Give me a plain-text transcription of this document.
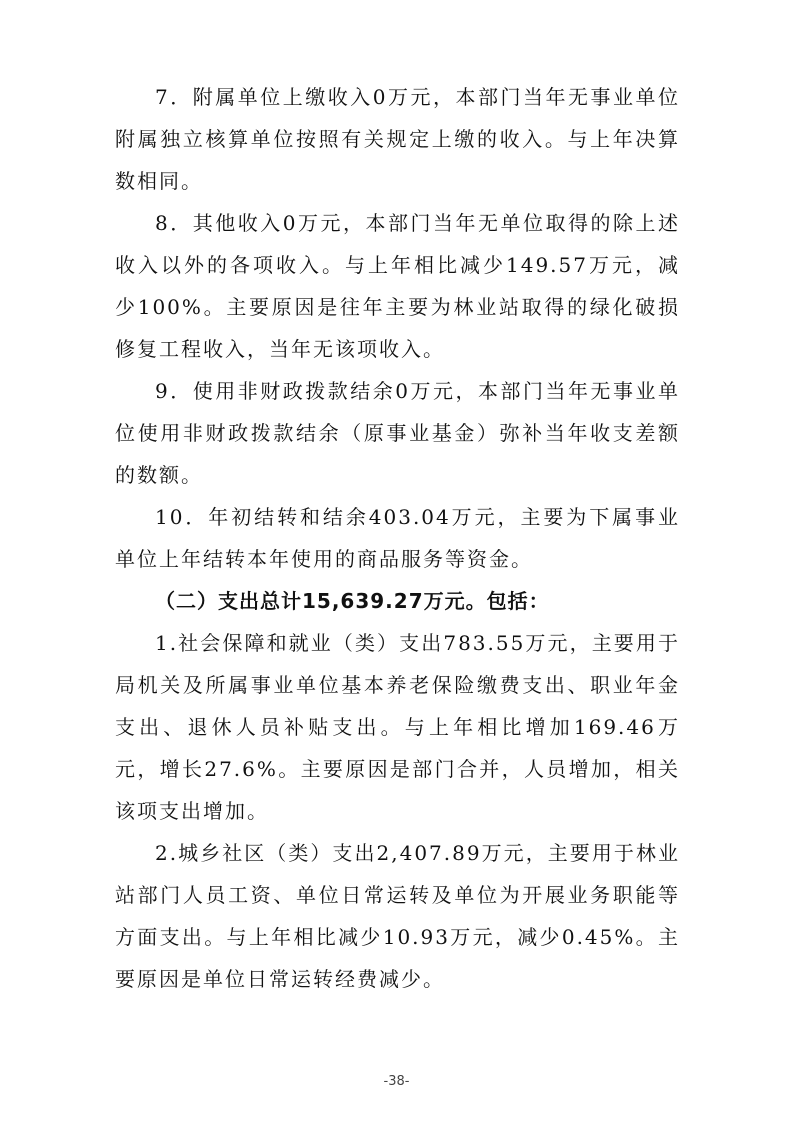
7．附属单位上缴收入0万元，本部门当年无事业单位附属独立核算单位按照有关规定上缴的收入。与上年决算数相同。

8．其他收入0万元，本部门当年无单位取得的除上述收入以外的各项收入。与上年相比减少149.57万元，减少100%。主要原因是往年主要为林业站取得的绿化破损修复工程收入，当年无该项收入。

9．使用非财政拨款结余0万元，本部门当年无事业单位使用非财政拨款结余（原事业基金）弥补当年收支差额的数额。

10．年初结转和结余403.04万元，主要为下属事业单位上年结转本年使用的商品服务等资金。

（二）支出总计15,639.27万元。包括：

1.社会保障和就业（类）支出783.55万元，主要用于局机关及所属事业单位基本养老保险缴费支出、职业年金支出、退休人员补贴支出。与上年相比增加169.46万元，增长27.6%。主要原因是部门合并，人员增加，相关该项支出增加。

2.城乡社区（类）支出2,407.89万元，主要用于林业站部门人员工资、单位日常运转及单位为开展业务职能等方面支出。与上年相比减少10.93万元，减少0.45%。主要原因是单位日常运转经费减少。

-38-
